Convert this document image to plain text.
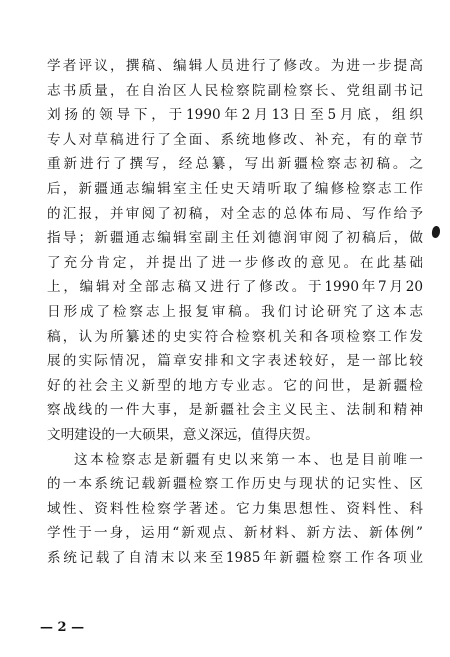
学者评议，撰稿、编辑人员进行了修改。为进一步提高
志书质量，在自治区人民检察院副检察长、党组副书记
刘扬的领导下，于1990年2月13日至5月底，组织
专人对草稿进行了全面、系统地修改、补充，有的章节
重新进行了撰写，经总纂，写出新疆检察志初稿。之
后，新疆通志编辑室主任史天靖听取了编修检察志工作
的汇报，并审阅了初稿，对全志的总体布局、写作给予
指导；新疆通志编辑室副主任刘德润审阅了初稿后，做
了充分肯定，并提出了进一步修改的意见。在此基础
上，编辑对全部志稿又进行了修改。于1990年7月20
日形成了检察志上报复审稿。我们讨论研究了这本志
稿，认为所纂述的史实符合检察机关和各项检察工作发
展的实际情况，篇章安排和文字表述较好，是一部比较
好的社会主义新型的地方专业志。它的问世，是新疆检
察战线的一件大事，是新疆社会主义民主、法制和精神
文明建设的一大硕果，意义深远，值得庆贺。
这本检察志是新疆有史以来第一本、也是目前唯一
的一本系统记载新疆检察工作历史与现状的记实性、区
域性、资料性检察学著述。它力集思想性、资料性、科
学性于一身，运用“新观点、新材料、新方法、新体例”
系统记载了自清末以来至1985年新疆检察工作各项业
— 2 —
